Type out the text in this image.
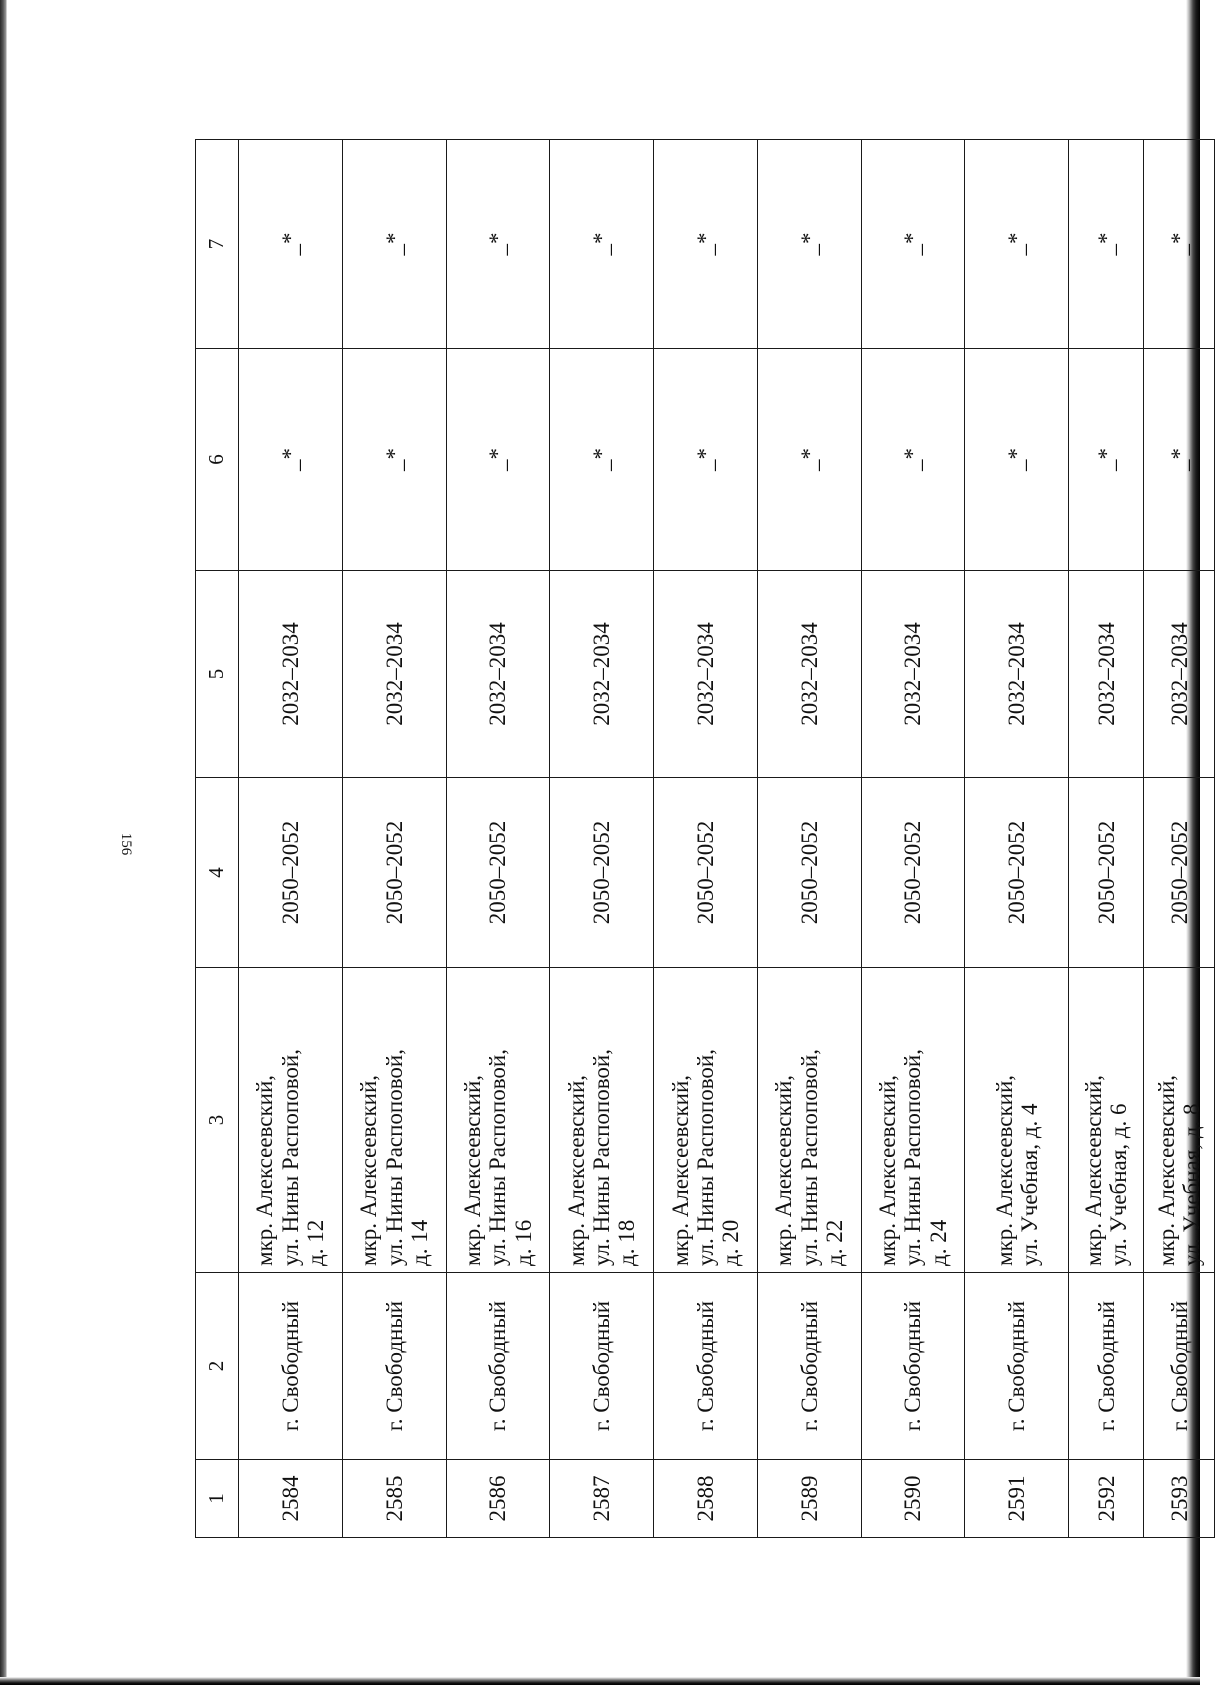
156
1	2	3	4	5	6	7
2584	г. Свободный	мкр. Алексеевский, ул. Нины Распоповой, д. 12	2050–2052	2032–2034	_*	_*
2585	г. Свободный	мкр. Алексеевский, ул. Нины Распоповой, д. 14	2050–2052	2032–2034	_*	_*
2586	г. Свободный	мкр. Алексеевский, ул. Нины Распоповой, д. 16	2050–2052	2032–2034	_*	_*
2587	г. Свободный	мкр. Алексеевский, ул. Нины Распоповой, д. 18	2050–2052	2032–2034	_*	_*
2588	г. Свободный	мкр. Алексеевский, ул. Нины Распоповой, д. 20	2050–2052	2032–2034	_*	_*
2589	г. Свободный	мкр. Алексеевский, ул. Нины Распоповой, д. 22	2050–2052	2032–2034	_*	_*
2590	г. Свободный	мкр. Алексеевский, ул. Нины Распоповой, д. 24	2050–2052	2032–2034	_*	_*
2591	г. Свободный	мкр. Алексеевский, ул. Учебная, д. 4	2050–2052	2032–2034	_*	_*
2592	г. Свободный	мкр. Алексеевский, ул. Учебная, д. 6	2050–2052	2032–2034	_*	_*
2593	г. Свободный	мкр. Алексеевский, ул. Учебная, д. 8	2050–2052	2032–2034	_*	_*
